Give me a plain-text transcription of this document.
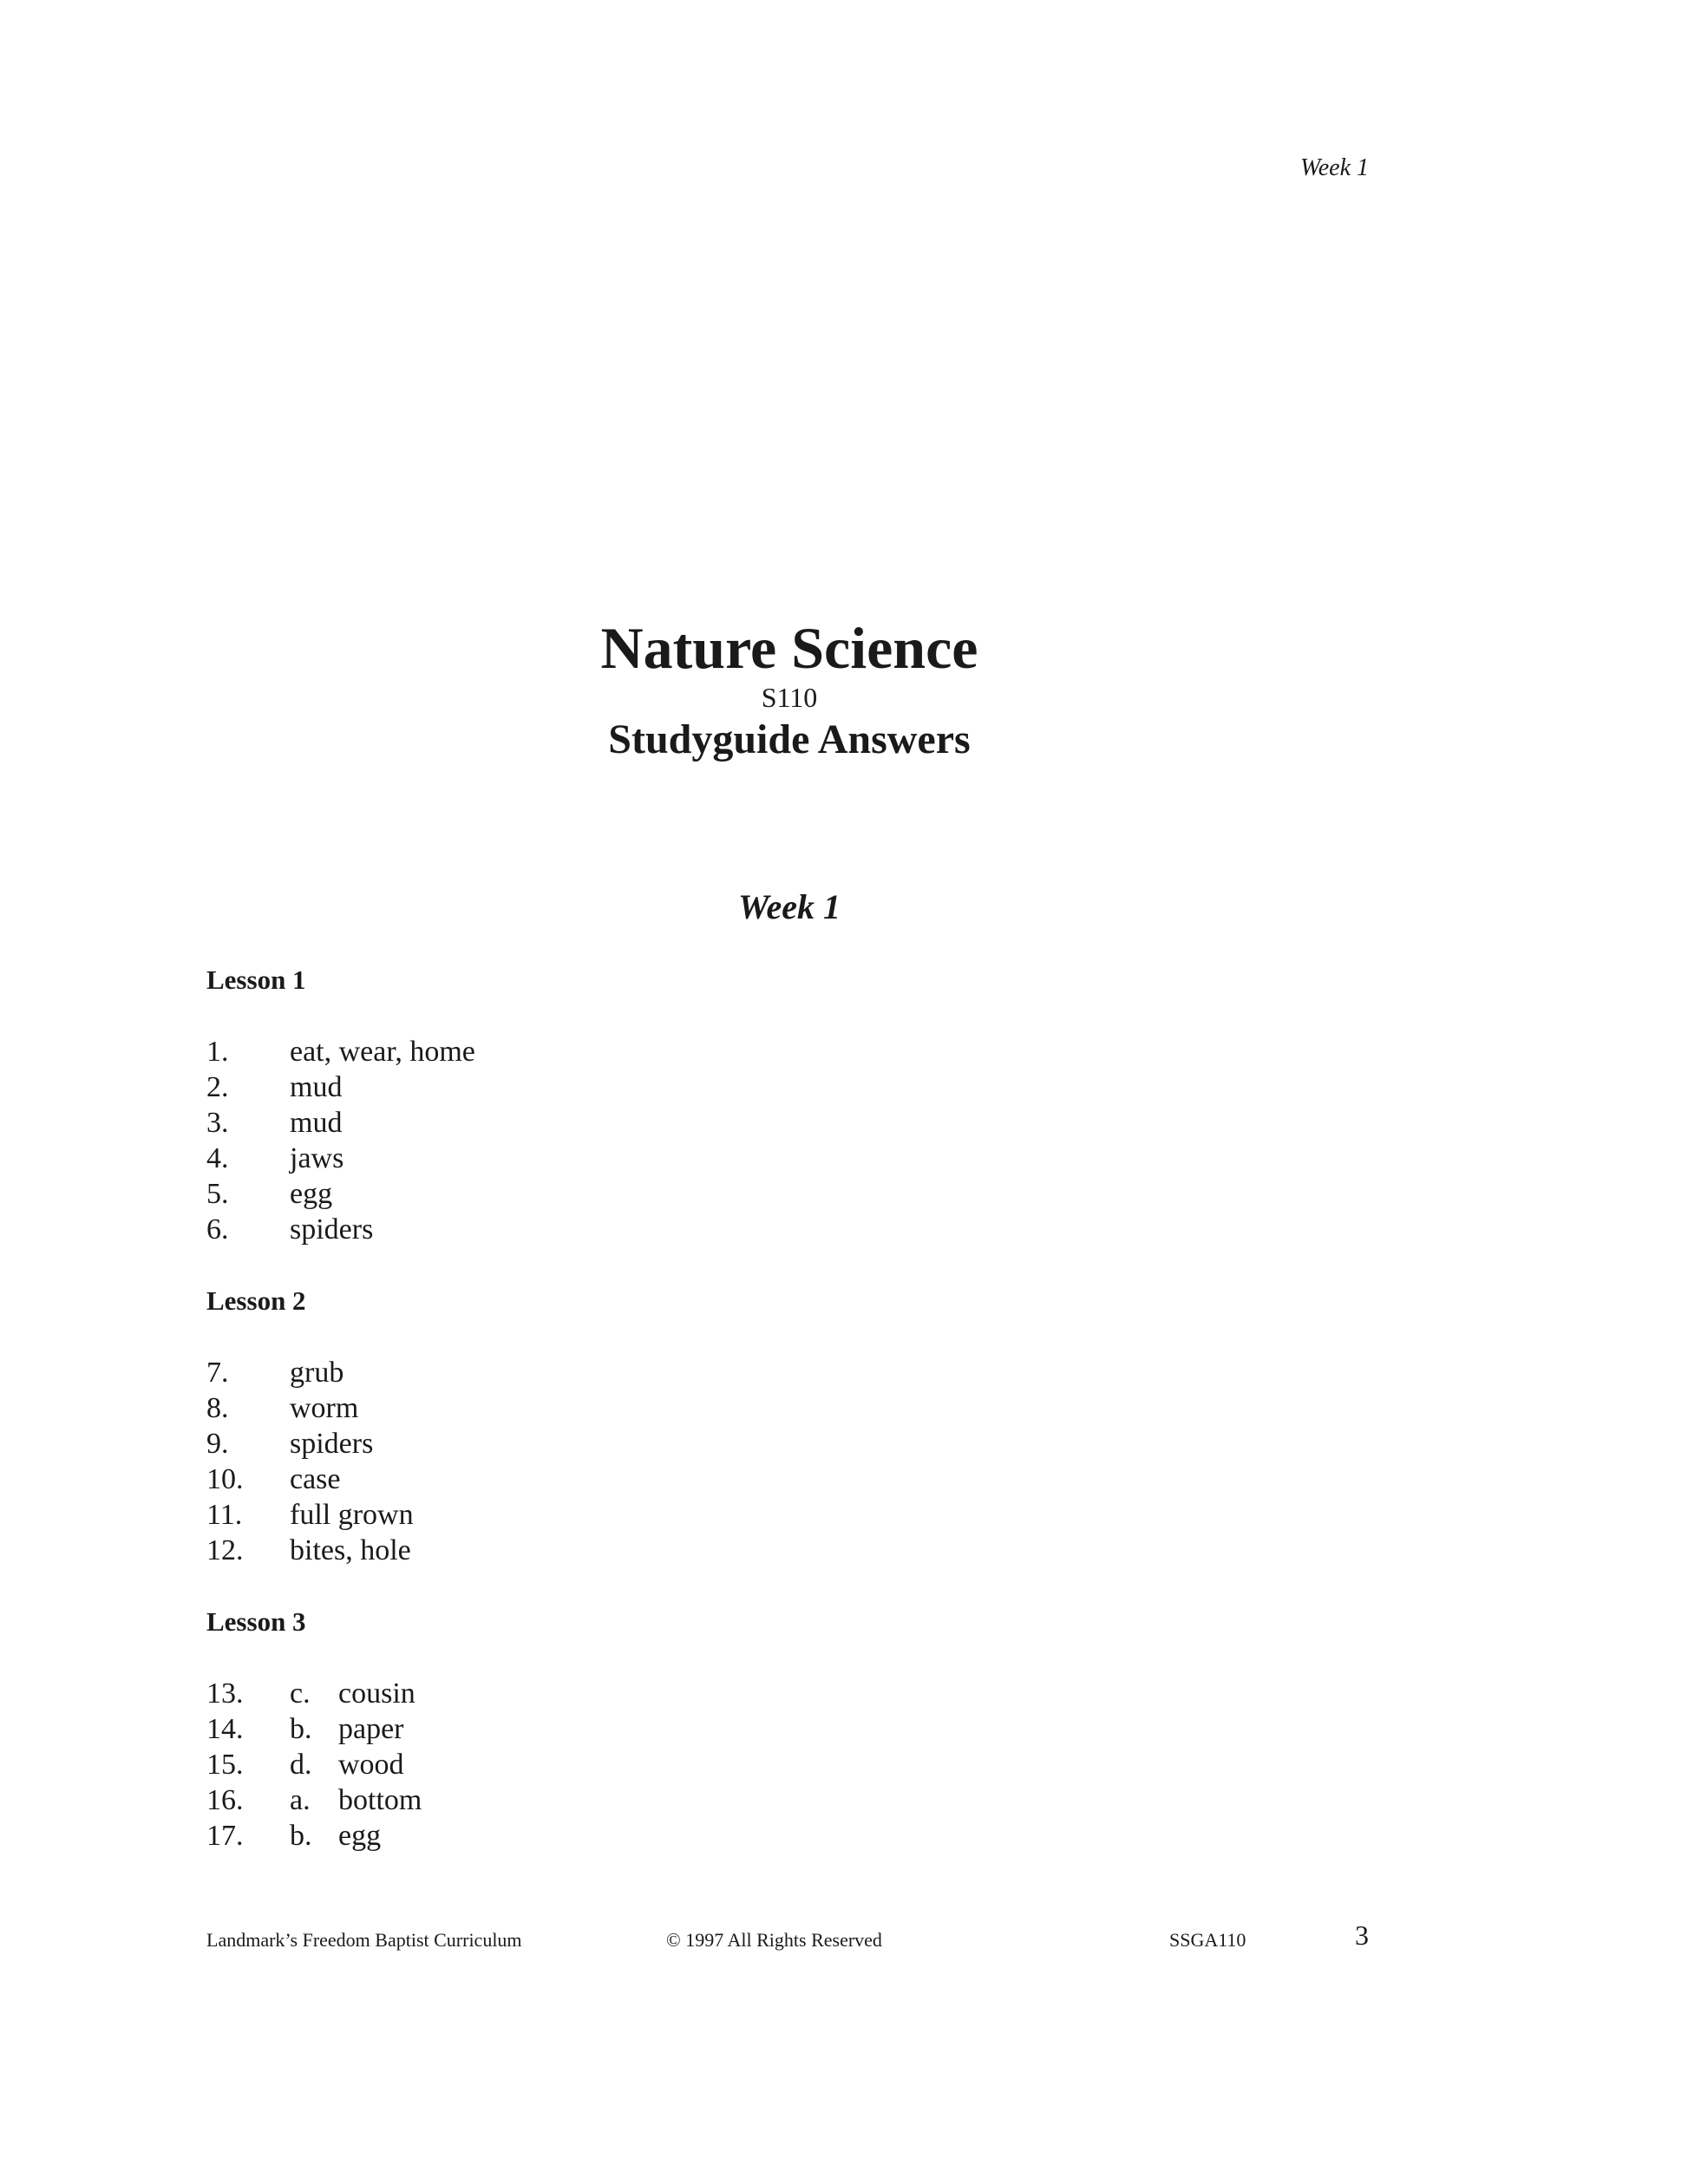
Week 1
Nature Science
S110
Studyguide Answers
Week 1
Lesson 1
1.	eat, wear, home
2.	mud
3.	mud
4.	jaws
5.	egg
6.	spiders
Lesson 2
7.	grub
8.	worm
9.	spiders
10.	case
11.	full grown
12.	bites, hole
Lesson 3
13.	c. cousin
14.	b. paper
15.	d. wood
16.	a. bottom
17.	b. egg
Landmark’s Freedom Baptist Curriculum	© 1997 All Rights Reserved	SSGA110	3
